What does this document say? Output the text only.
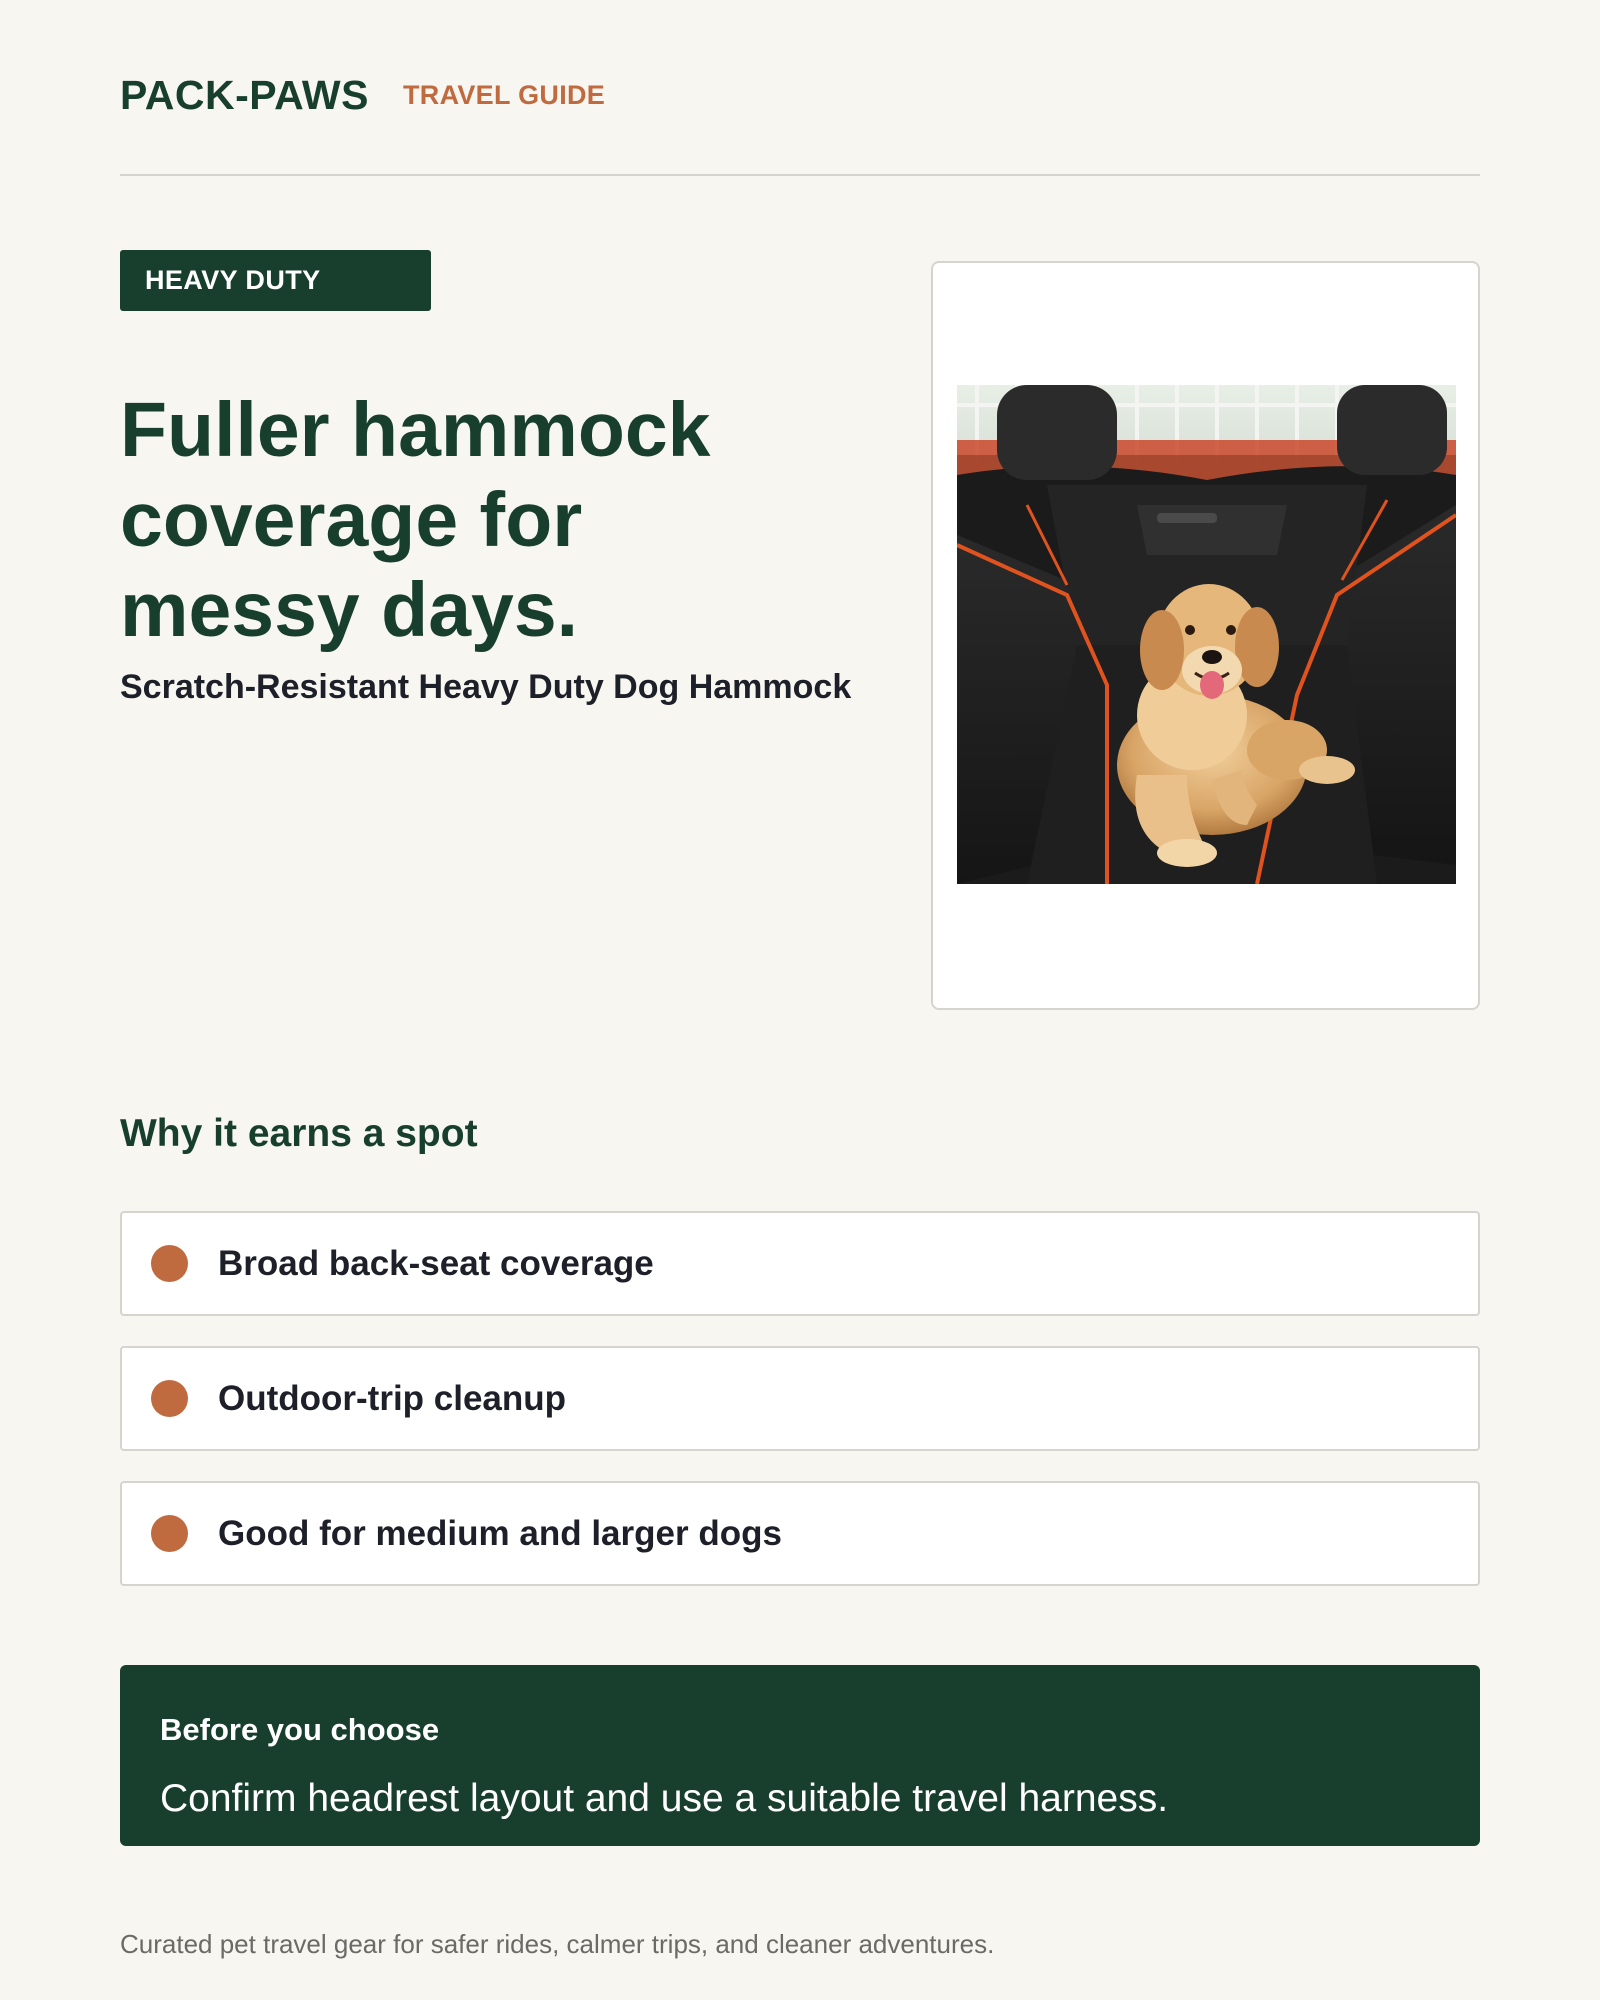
PACK-PAWS TRAVEL GUIDE
HEAVY DUTY
Fuller hammock
coverage for
messy days.
Scratch-Resistant Heavy Duty Dog Hammock
Why it earns a spot
Broad back-seat coverage
Outdoor-trip cleanup
Good for medium and larger dogs
Before you choose
Confirm headrest layout and use a suitable travel harness.

Curated pet travel gear for safer rides, calmer trips, and cleaner adventures.
